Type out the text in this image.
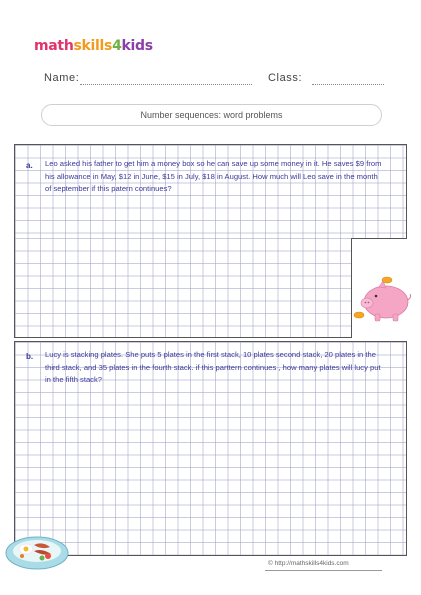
mathskills4kids
Name:	Class:
Number sequences: word problems
a. Leo asked his father to get him a money box so he can save up some money in it. He saves $9 from his allowance in May, $12 in June, $15 in July, $18 in August. How much will Leo save in the month of september if this patern continues?
b. Lucy is stacking plates. She puts 5 plates in the first stack, 10 plates second stack, 20 plates in the third stack, and 35 plates in the fourth stack. if this parttern continues , how many plates will lucy put in the fifth stack?
© http://mathskills4kids.com
